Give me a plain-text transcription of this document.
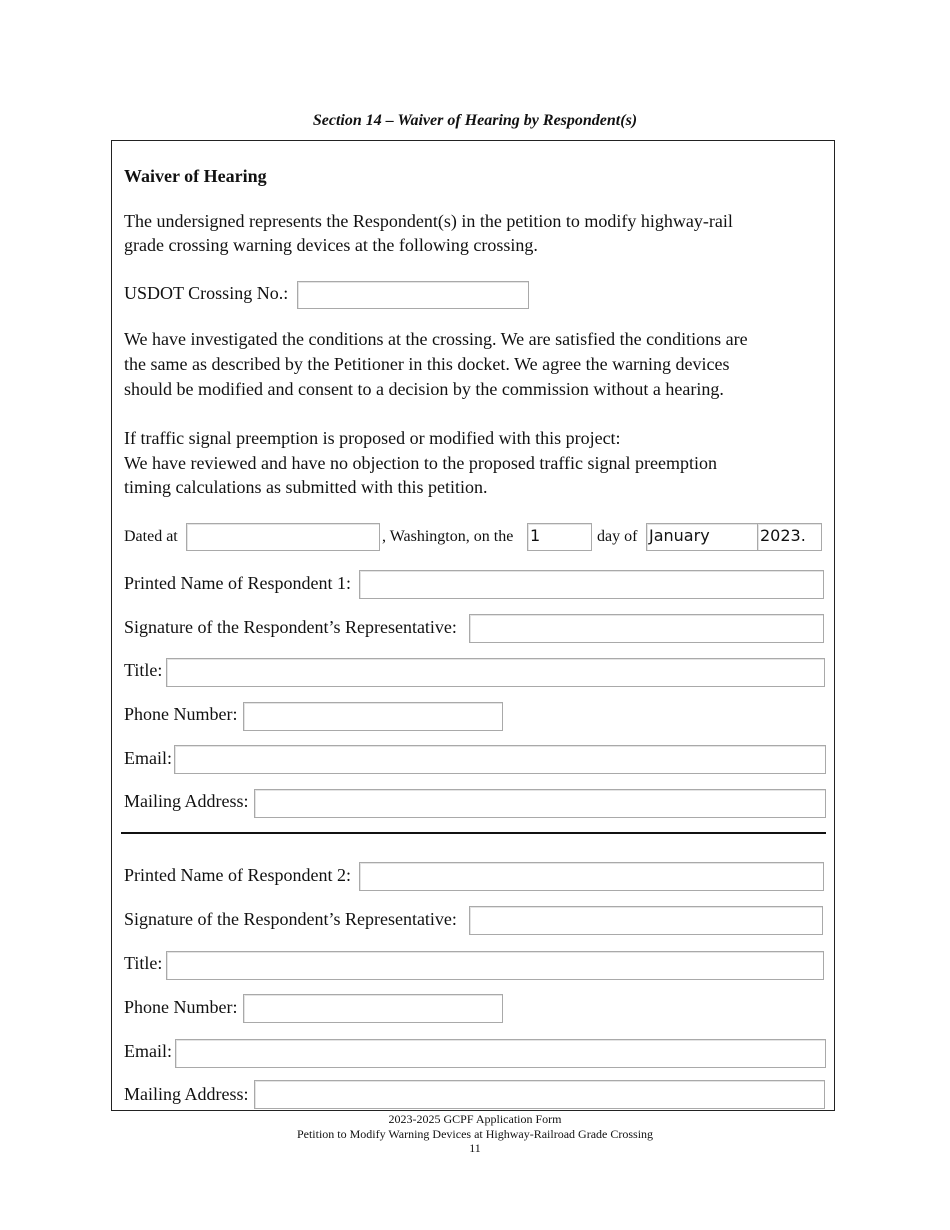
Section 14 – Waiver of Hearing by Respondent(s)
Waiver of Hearing
The undersigned represents the Respondent(s) in the petition to modify highway-rail
grade crossing warning devices at the following crossing.
USDOT Crossing No.:
We have investigated the conditions at the crossing. We are satisfied the conditions are
the same as described by the Petitioner in this docket. We agree the warning devices
should be modified and consent to a decision by the commission without a hearing.
If traffic signal preemption is proposed or modified with this project:
We have reviewed and have no objection to the proposed traffic signal preemption
timing calculations as submitted with this petition.
Dated at	, Washington, on the 1	day of January	2023.
Printed Name of Respondent 1:
Signature of the Respondent’s Representative:
Title:
Phone Number:
Email:
Mailing Address:
Printed Name of Respondent 2:
Signature of the Respondent’s Representative:
Title:
Phone Number:
Email:
Mailing Address:
2023-2025 GCPF Application Form
Petition to Modify Warning Devices at Highway-Railroad Grade Crossing
11
